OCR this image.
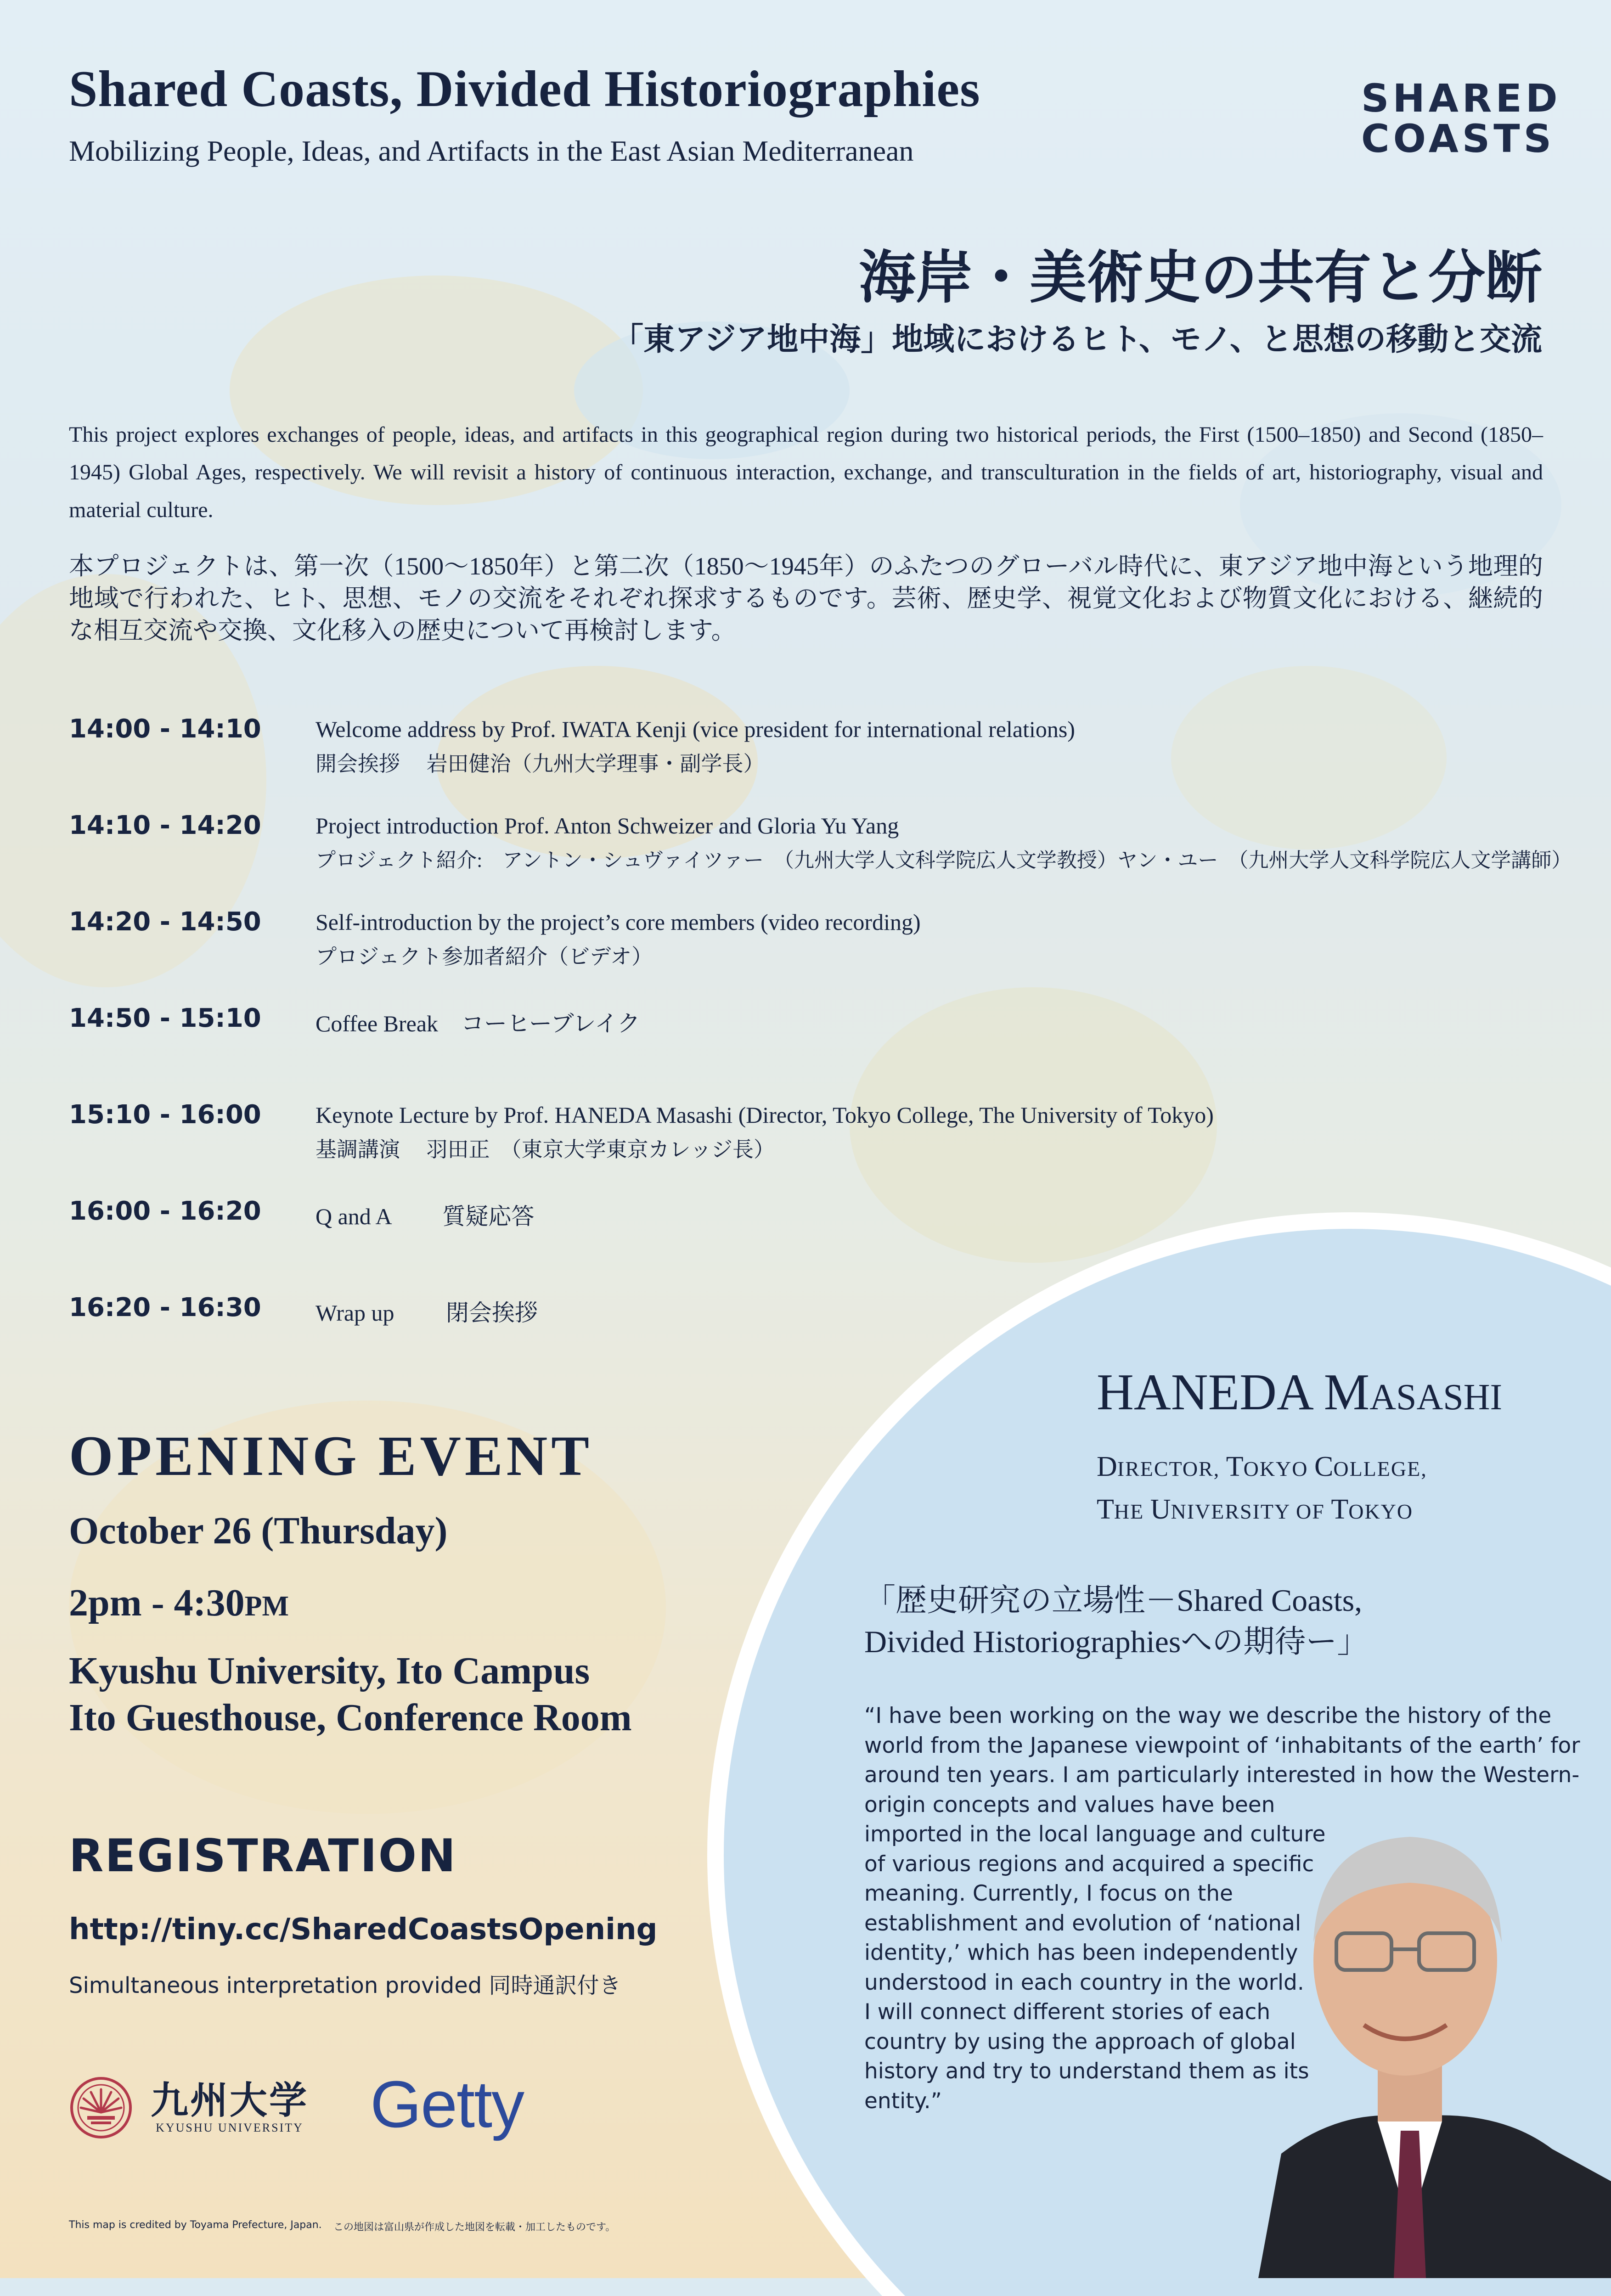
Shared Coasts, Divided Historiographies
Mobilizing People, Ideas, and Artifacts in the East Asian Mediterranean
SHARED
COASTS
海岸・美術史の共有と分断
「東アジア地中海」地域におけるヒト、モノ、と思想の移動と交流
This project explores exchanges of people, ideas, and artifacts in this geographical region during two historical periods, the First (1500–1850) and Second (1850–1945) Global Ages, respectively. We will revisit a history of continuous interaction, exchange, and transculturation in the fields of art, historiography, visual and material culture.
本プロジェクトは、第一次（1500〜1850年）と第二次（1850〜1945年）のふたつのグローバル時代に、東アジア地中海という地理的地域で行われた、ヒト、思想、モノの交流をそれぞれ探求するものです。芸術、歴史学、視覚文化および物質文化における、継続的な相互交流や交換、文化移入の歴史について再検討します。
14:00 - 14:10 Welcome address by Prof. IWATA Kenji (vice president for international relations)
開会挨拶　 岩田健治（九州大学理事・副学長）
14:10 - 14:20 Project introduction Prof. Anton Schweizer and Gloria Yu Yang
プロジェクト紹介:　アントン・シュヴァイツァー　（九州大学人文科学院広人文学教授）ヤン・ユー　（九州大学人文科学院広人文学講師）
14:20 - 14:50 Self-introduction by the project’s core members (video recording)
プロジェクト参加者紹介（ビデオ）
14:50 - 15:10 Coffee Break　コーヒーブレイク
15:10 - 16:00 Keynote Lecture by Prof. HANEDA Masashi (Director, Tokyo College, The University of Tokyo)
基調講演　 羽田正　（東京大学東京カレッジ長）
16:00 - 16:20 Q and A　　 質疑応答
16:20 - 16:30 Wrap up　　 閉会挨拶
OPENING EVENT
October 26 (Thursday)
2pm - 4:30PM
Kyushu University, Ito Campus
Ito Guesthouse, Conference Room
REGISTRATION
http://tiny.cc/SharedCoastsOpening
Simultaneous interpretation provided 同時通訳付き
九州大学
KYUSHU UNIVERSITY Getty
This map is credited by Toyama Prefecture, Japan. この地図は富山県が作成した地図を転載・加工したものです。
HANEDA MASASHI
DIRECTOR, TOKYO COLLEGE,
THE UNIVERSITY OF TOKYO
「歴史研究の立場性－Shared Coasts,
Divided Historiographiesへの期待ー」
“I have been working on the way we describe the history of the
world from the Japanese viewpoint of ‘inhabitants of the earth’ for
around ten years. I am particularly interested in how the Western-
origin concepts and values have been
imported in the local language and culture
of various regions and acquired a specific
meaning. Currently, I focus on the
establishment and evolution of ‘national
identity,’ which has been independently
understood in each country in the world.
I will connect different stories of each
country by using the approach of global
history and try to understand them as its
entity.”
